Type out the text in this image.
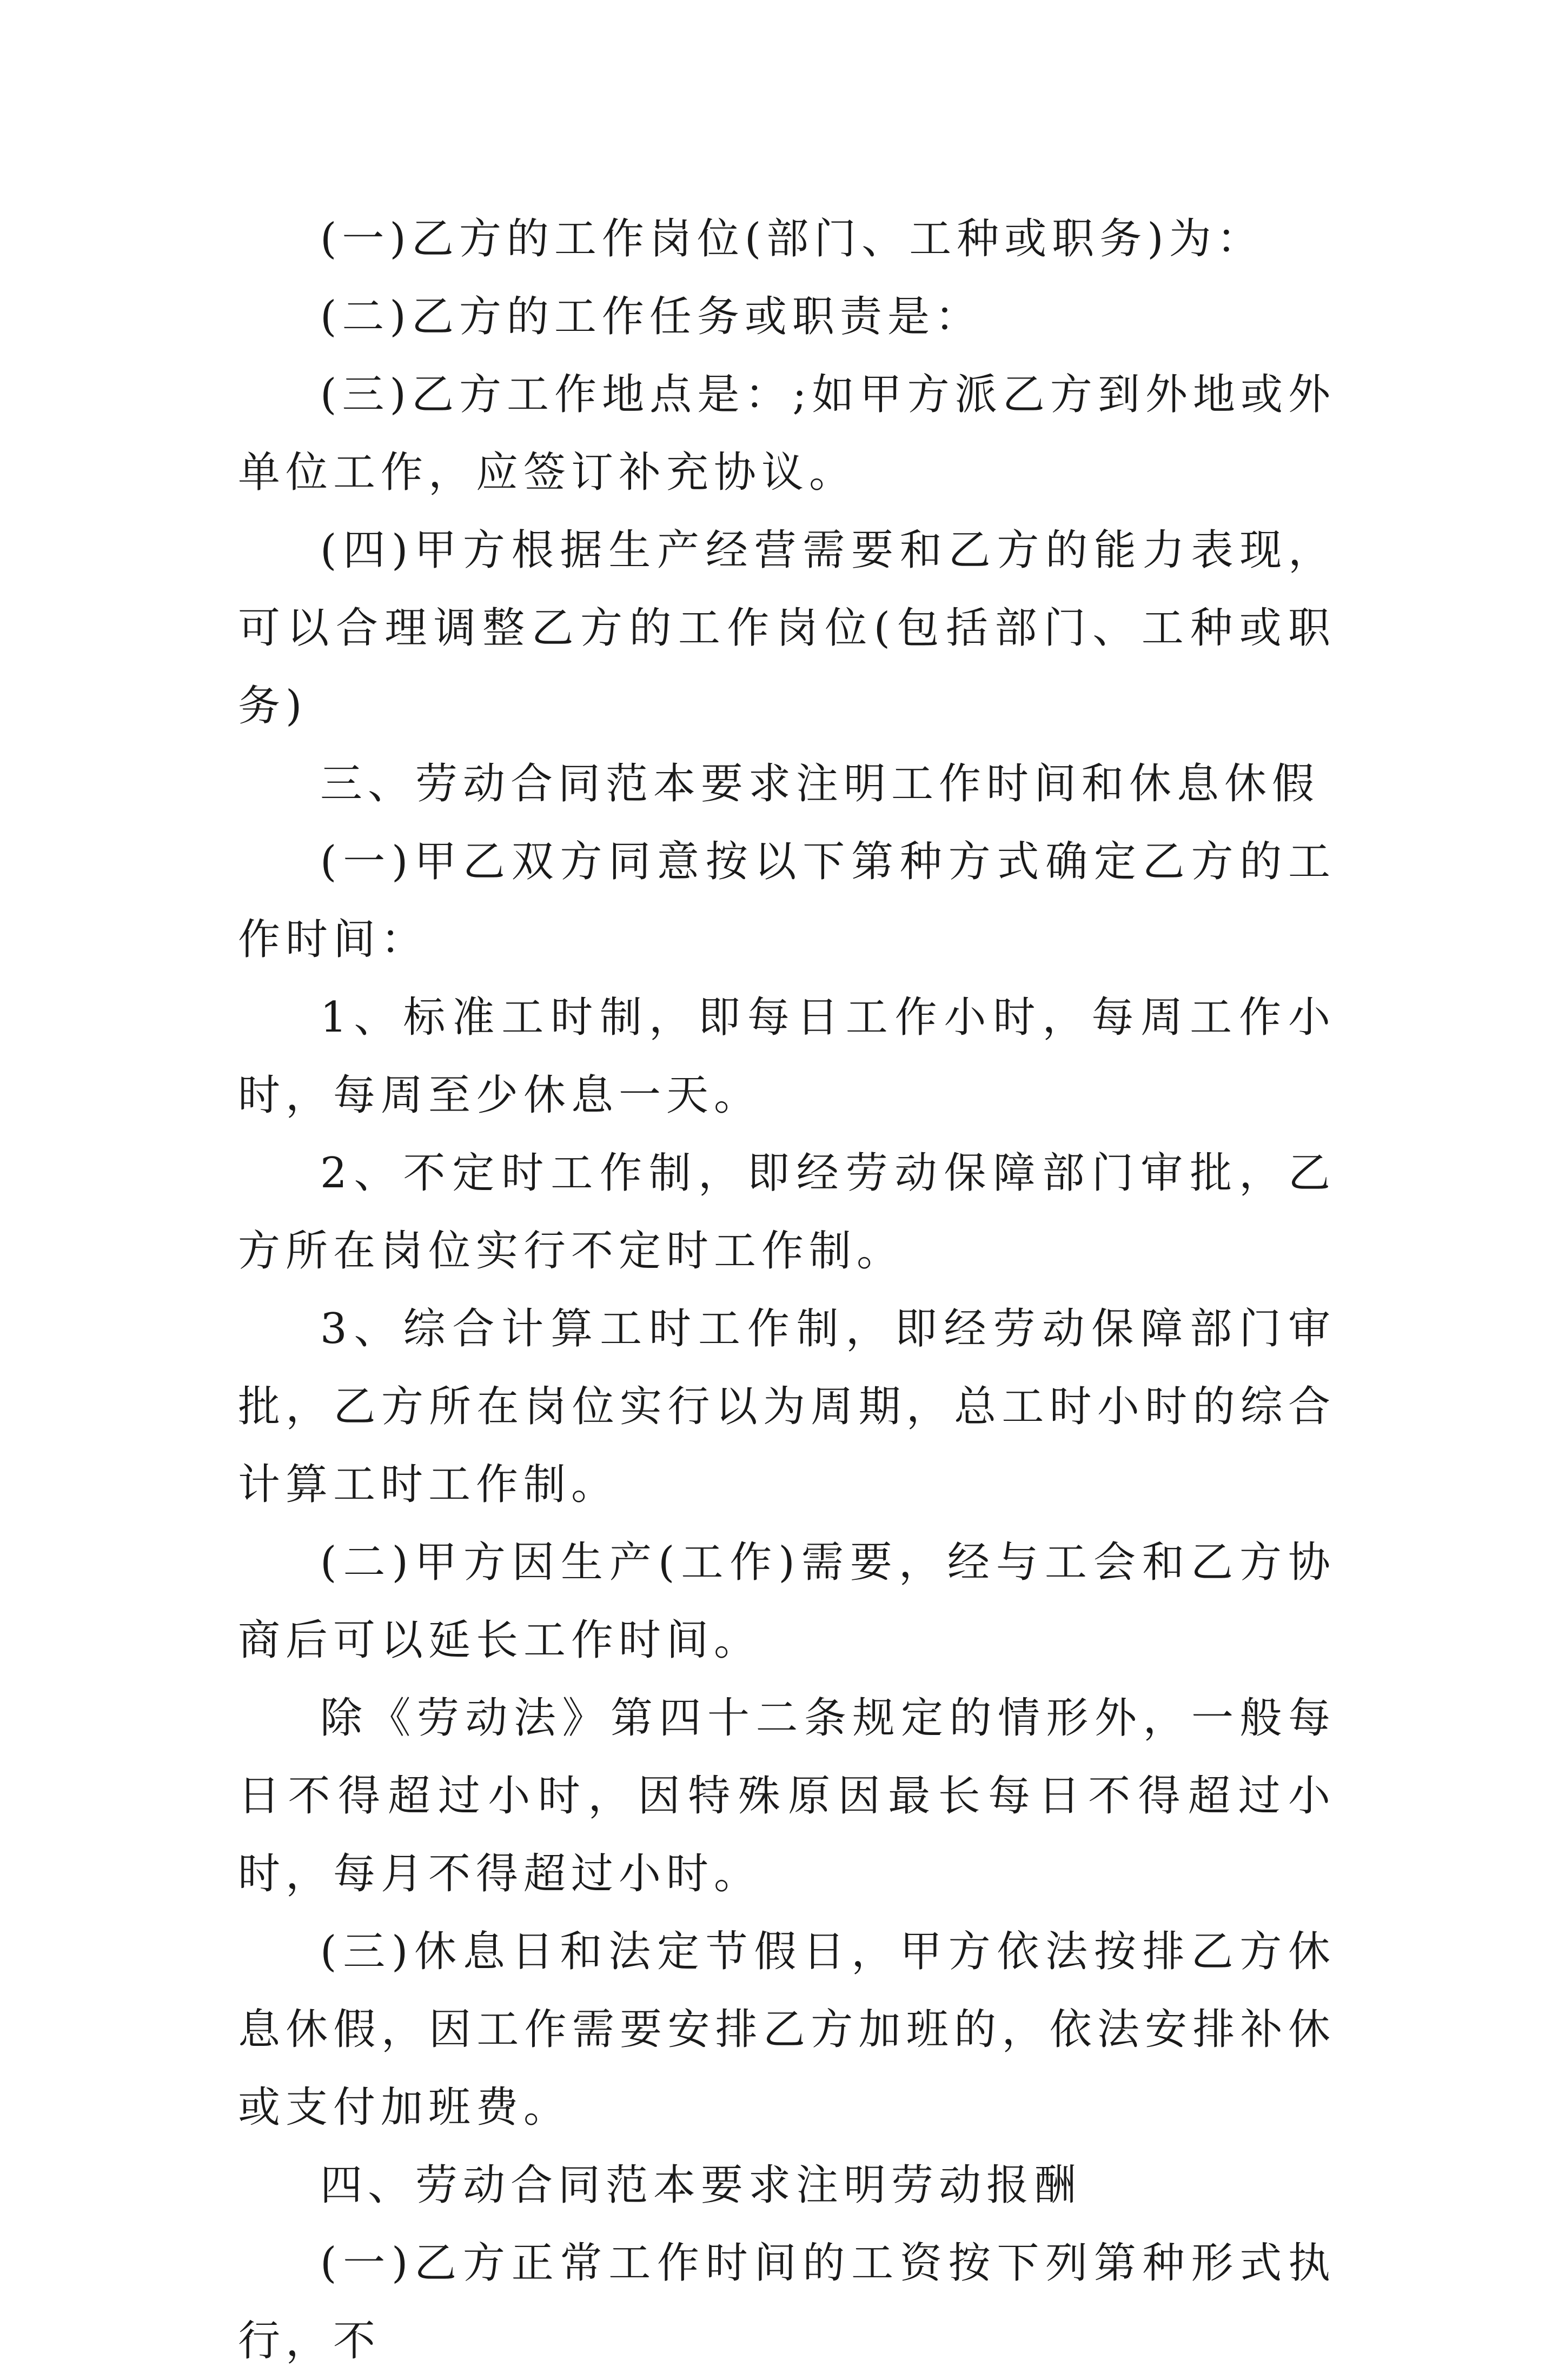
(一)乙方的工作岗位(部门、工种或职务)为：

(二)乙方的工作任务或职责是：

(三)乙方工作地点是：;如甲方派乙方到外地或外单位工作，应签订补充协议。

(四)甲方根据生产经营需要和乙方的能力表现，可以合理调整乙方的工作岗位(包括部门、工种或职务)

三、劳动合同范本要求注明工作时间和休息休假

(一)甲乙双方同意按以下第种方式确定乙方的工作时间：

1、标准工时制，即每日工作小时，每周工作小时，每周至少休息一天。

2、不定时工作制，即经劳动保障部门审批，乙方所在岗位实行不定时工作制。

3、综合计算工时工作制，即经劳动保障部门审批，乙方所在岗位实行以为周期，总工时小时的综合计算工时工作制。

(二)甲方因生产(工作)需要，经与工会和乙方协商后可以延长工作时间。

除《劳动法》第四十二条规定的情形外，一般每日不得超过小时，因特殊原因最长每日不得超过小时，每月不得超过小时。

(三)休息日和法定节假日，甲方依法按排乙方休息休假，因工作需要安排乙方加班的，依法安排补休或支付加班费。

四、劳动合同范本要求注明劳动报酬

(一)乙方正常工作时间的工资按下列第种形式执行，不
